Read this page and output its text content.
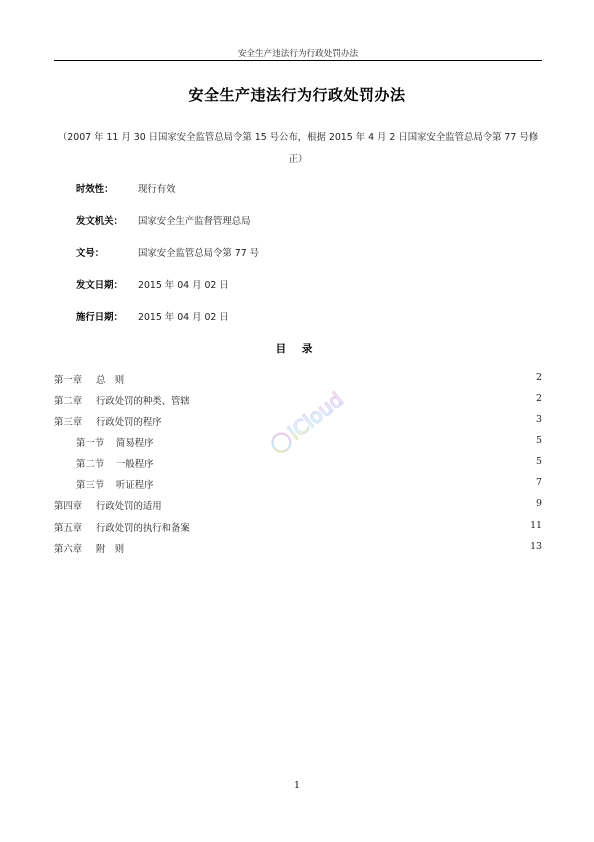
安全生产违法行为行政处罚办法
安全生产违法行为行政处罚办法
（2007 年 11 月 30 日国家安全监管总局令第 15 号公布，根据 2015 年 4 月 2 日国家安全监管总局令第 77 号修正）
时效性：	现行有效
发文机关： 国家安全生产监督管理总局
文号：	国家安全监管总局令第 77 号
发文日期： 2015 年 04 月 02 日
施行日期： 2015 年 04 月 02 日
目 录
第一章 总　则	2
第二章 行政处罚的种类、管辖	2
第三章 行政处罚的程序	3
第一节 简易程序	5
第二节 一般程序	5
第三节 听证程序	7
第四章 行政处罚的适用	9
第五章 行政处罚的执行和备案	11
第六章 附　则	13
iCloud
1
